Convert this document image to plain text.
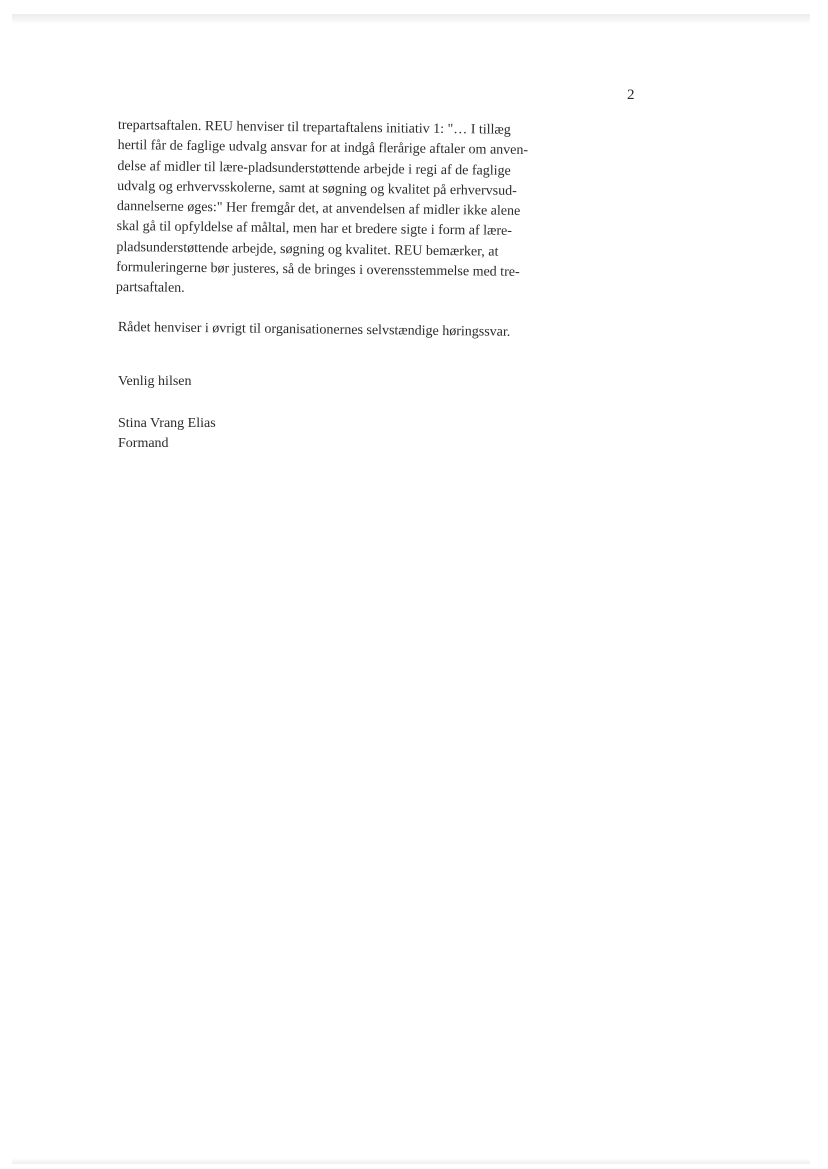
2

trepartsaftalen. REU henviser til trepartaftalens initiativ 1: "… I tillæg
hertil får de faglige udvalg ansvar for at indgå flerårige aftaler om anven-
delse af midler til lære-pladsunderstøttende arbejde i regi af de faglige
udvalg og erhvervsskolerne, samt at søgning og kvalitet på erhvervsud-
dannelserne øges:" Her fremgår det, at anvendelsen af midler ikke alene
skal gå til opfyldelse af måltal, men har et bredere sigte i form af lære-
pladsunderstøttende arbejde, søgning og kvalitet. REU bemærker, at
formuleringerne bør justeres, så de bringes i overensstemmelse med tre-
partsaftalen.

Rådet henviser i øvrigt til organisationernes selvstændige høringssvar.

Venlig hilsen

Stina Vrang Elias
Formand
